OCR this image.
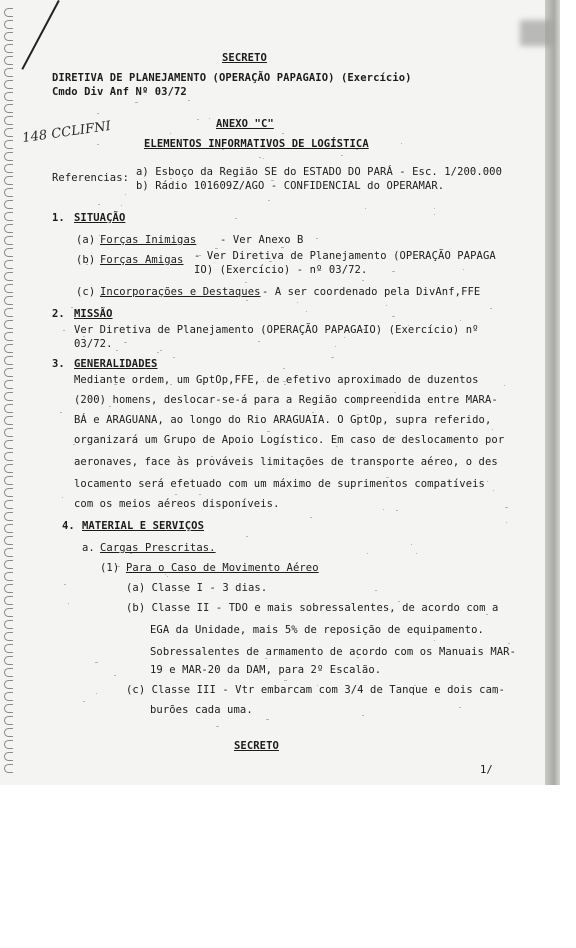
SECRETO
DIRETIVA DE PLANEJAMENTO (OPERAÇÃO PAPAGAIO) (Exercício)
Cmdo Div Anf Nº 03/72
148 CCLIFNI	ANEXO "C"
ELEMENTOS INFORMATIVOS DE LOGÍSTICA
Referencias: a) Esboço da Região SE do ESTADO DO PARÁ - Esc. 1/200.000
b) Rádio 101609Z/AGO - CONFIDENCIAL do OPERAMAR.
1. SITUAÇÃO
(a) Forças Inimigas - Ver Anexo B
(b) Forças Amigas - Ver Diretiva de Planejamento (OPERAÇÃO PAPAGA
IO) (Exercício) - nº 03/72.
(c) Incorporações e Destaques - A ser coordenado pela DivAnf,FFE
2. MISSÃO
Ver Diretiva de Planejamento (OPERAÇÃO PAPAGAIO) (Exercício) nº
03/72.
3. GENERALIDADES
Mediante ordem, um GptOp,FFE, de efetivo aproximado de duzentos
(200) homens, deslocar-se-á para a Região compreendida entre MARA-
BÁ e ARAGUANA, ao longo do Rio ARAGUAIA. O GptOp, supra referido,
organizará um Grupo de Apoio Logístico. Em caso de deslocamento por
aeronaves, face às prováveis limitações de transporte aéreo, o des
locamento será efetuado com um máximo de suprimentos compatíveis
com os meios aéreos disponíveis.
4. MATERIAL E SERVIÇOS
a. Cargas Prescritas.
(1) Para o Caso de Movimento Aéreo
(a) Classe I - 3 dias.
(b) Classe II - TDO e mais sobressalentes, de acordo com a
EGA da Unidade, mais 5% de reposição de equipamento.
Sobressalentes de armamento de acordo com os Manuais MAR-
19 e MAR-20 da DAM, para 2º Escalão.
(c) Classe III - Vtr embarcam com 3/4 de Tanque e dois cam-
burões cada uma.
SECRETO
1/
